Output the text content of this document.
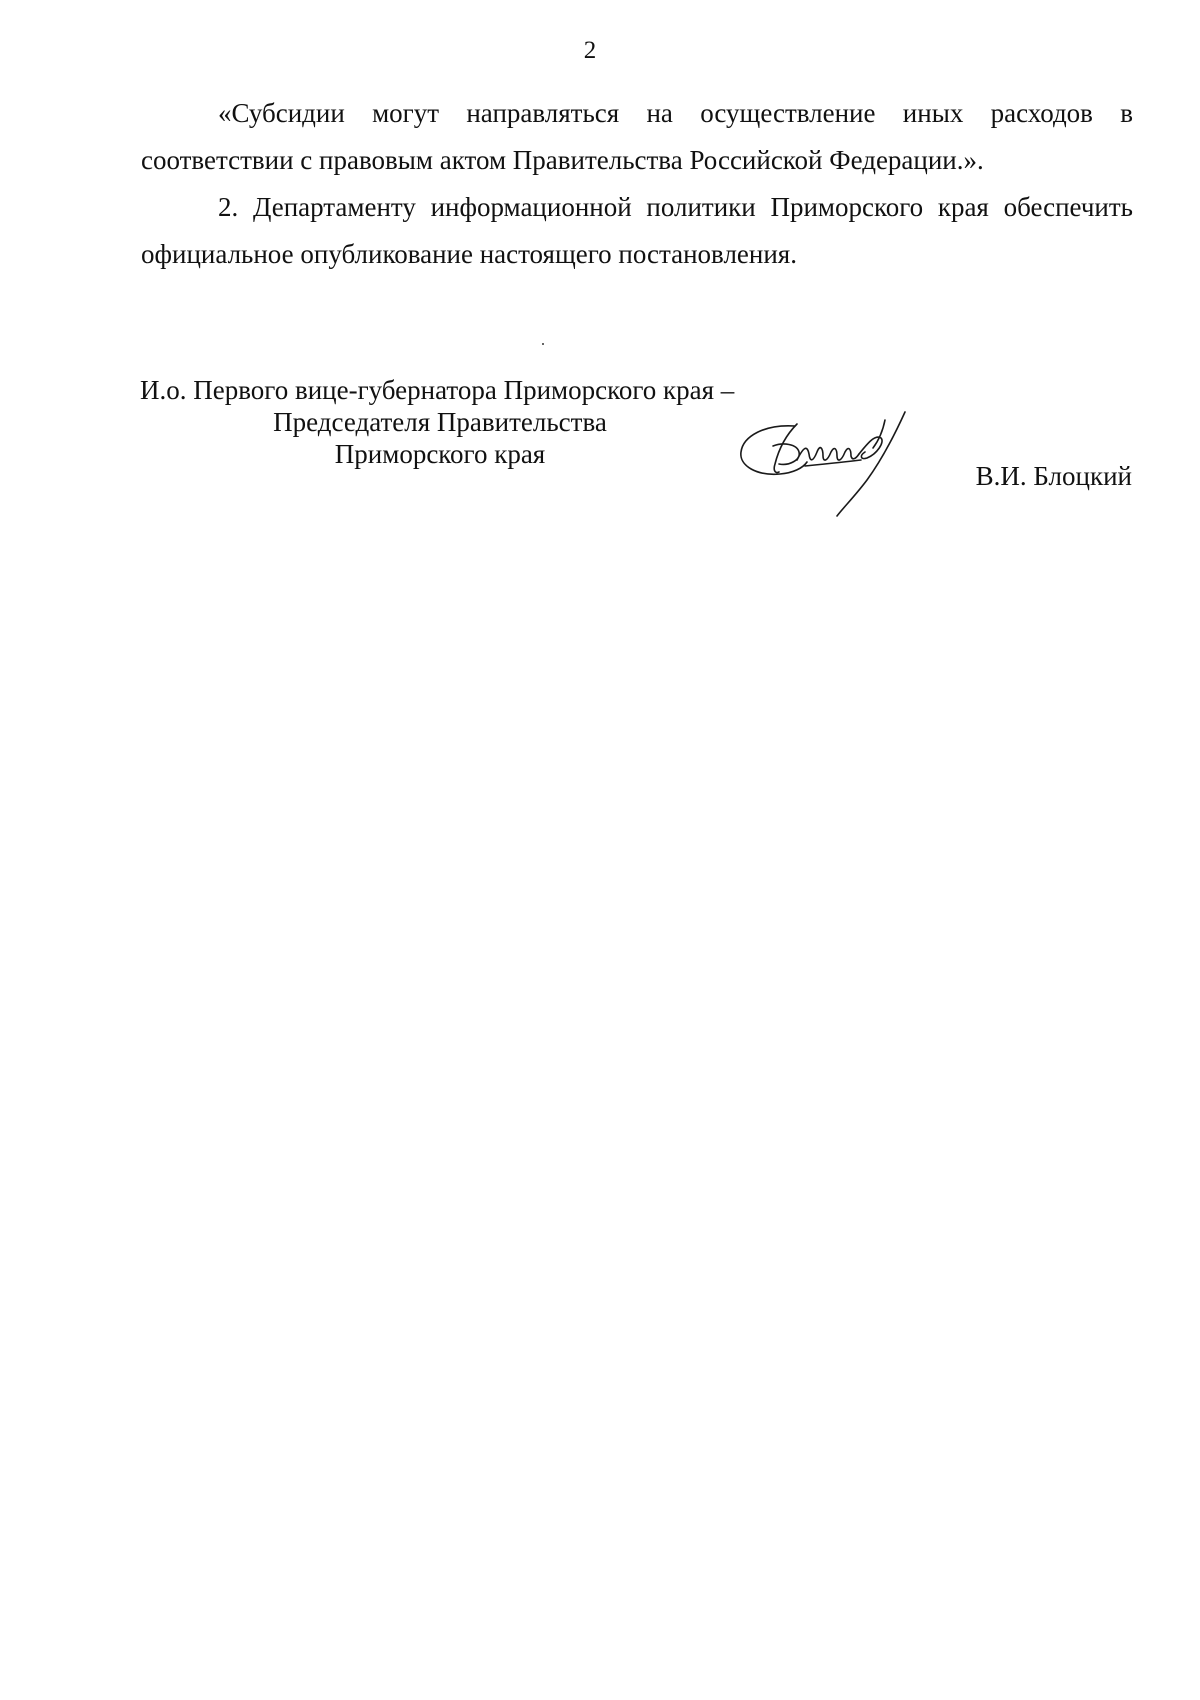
2

«Субсидии могут направляться на осуществление иных расходов в соответствии с правовым актом Правительства Российской Федерации.».

2. Департаменту информационной политики Приморского края обеспечить официальное опубликование настоящего постановления.

И.о. Первого вице-губернатора Приморского края –
Председателя Правительства
Приморского края
В.И. Блоцкий
